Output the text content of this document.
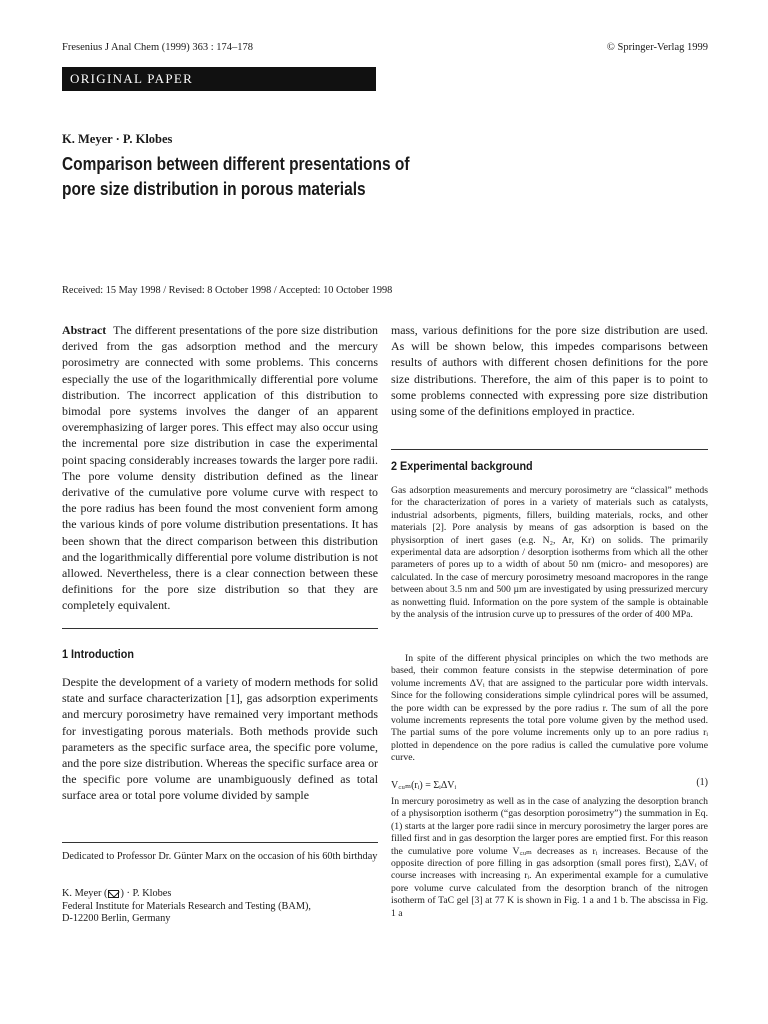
Fresenius J Anal Chem (1999) 363 : 174–178	© Springer-Verlag 1999
ORIGINAL PAPER
K. Meyer · P. Klobes
Comparison between different presentations of pore size distribution in porous materials
Received: 15 May 1998 / Revised: 8 October 1998 / Accepted: 10 October 1998
Abstract The different presentations of the pore size distribution derived from the gas adsorption method and the mercury porosimetry are connected with some problems. This concerns especially the use of the logarithmically differential pore volume distribution. The incorrect application of this distribution to bimodal pore systems involves the danger of an apparent overemphasizing of larger pores. This effect may also occur using the incremental pore size distribution in case the experimental point spacing considerably increases towards the larger pore radii. The pore volume density distribution defined as the linear derivative of the cumulative pore volume curve with respect to the pore radius has been found the most convenient form among the various kinds of pore volume distribution presentations. It has been shown that the direct comparison between this distribution and the logarithmically differential pore volume distribution is not allowed. Nevertheless, there is a clear connection between these definitions for the pore size distribution so that they are completely equivalent.
1 Introduction
Despite the development of a variety of modern methods for solid state and surface characterization [1], gas adsorption experiments and mercury porosimetry have remained very important methods for investigating porous materials. Both methods provide such parameters as the specific surface area, the specific pore volume, and the pore size distribution. Whereas the specific surface area or the specific pore volume are unambiguously defined as total surface area or total pore volume divided by sample
Dedicated to Professor Dr. Günter Marx on the occasion of his 60th birthday
K. Meyer ( ) · P. Klobes
Federal Institute for Materials Research and Testing (BAM),
D-12200 Berlin, Germany
mass, various definitions for the pore size distribution are used. As will be shown below, this impedes comparisons between results of authors with different chosen definitions for the pore size distributions. Therefore, the aim of this paper is to point to some problems connected with expressing pore size distribution using some of the definitions employed in practice.
2 Experimental background
Gas adsorption measurements and mercury porosimetry are “classical” methods for the characterization of pores in a variety of materials such as catalysts, industrial adsorbents, pigments, fillers, building materials, rocks, and other materials [2]. Pore analysis by means of gas adsorption is based on the physisorption of inert gases (e.g. N₂, Ar, Kr) on solids. The primarily experimental data are adsorption / desorption isotherms from which all the other parameters of pores up to a width of about 50 nm (micro- and mesopores) are calculated. In the case of mercury porosimetry mesoand macropores in the range between about 3.5 nm and 500 µm are investigated by using pressurized mercury as nonwetting fluid. Information on the pore system of the sample is obtainable by the analysis of the intrusion curve up to pressures of the order of 400 MPa.
In spite of the different physical principles on which the two methods are based, their common feature consists in the stepwise determination of pore volume increments ΔVᵢ that are assigned to the particular pore width intervals. Since for the following considerations simple cylindrical pores will be assumed, the pore width can be expressed by the pore radius r. The sum of all the pore volume increments represents the total pore volume given by the method used. The partial sums of the pore volume increments only up to an pore radius rᵢ plotted in dependence on the pore radius is called the cumulative pore volume curve.
V꜀ᵤₘ(rᵢ) = ΣᵢΔVᵢ	(1)
In mercury porosimetry as well as in the case of analyzing the desorption branch of a physisorption isotherm (“gas desorption porosimetry”) the summation in Eq. (1) starts at the larger pore radii since in mercury porosimetry the larger pores are filled first and in gas desorption the larger pores are emptied first. For this reason the cumulative pore volume V꜀ᵤₘ decreases as rᵢ increases. Because of the opposite direction of pore filling in gas adsorption (small pores first), ΣᵢΔVᵢ of course increases with increasing rᵢ. An experimental example for a cumulative pore volume curve calculated from the desorption branch of the nitrogen isotherm of TaC gel [3] at 77 K is shown in Fig. 1 a and 1 b. The abscissa in Fig. 1 a
